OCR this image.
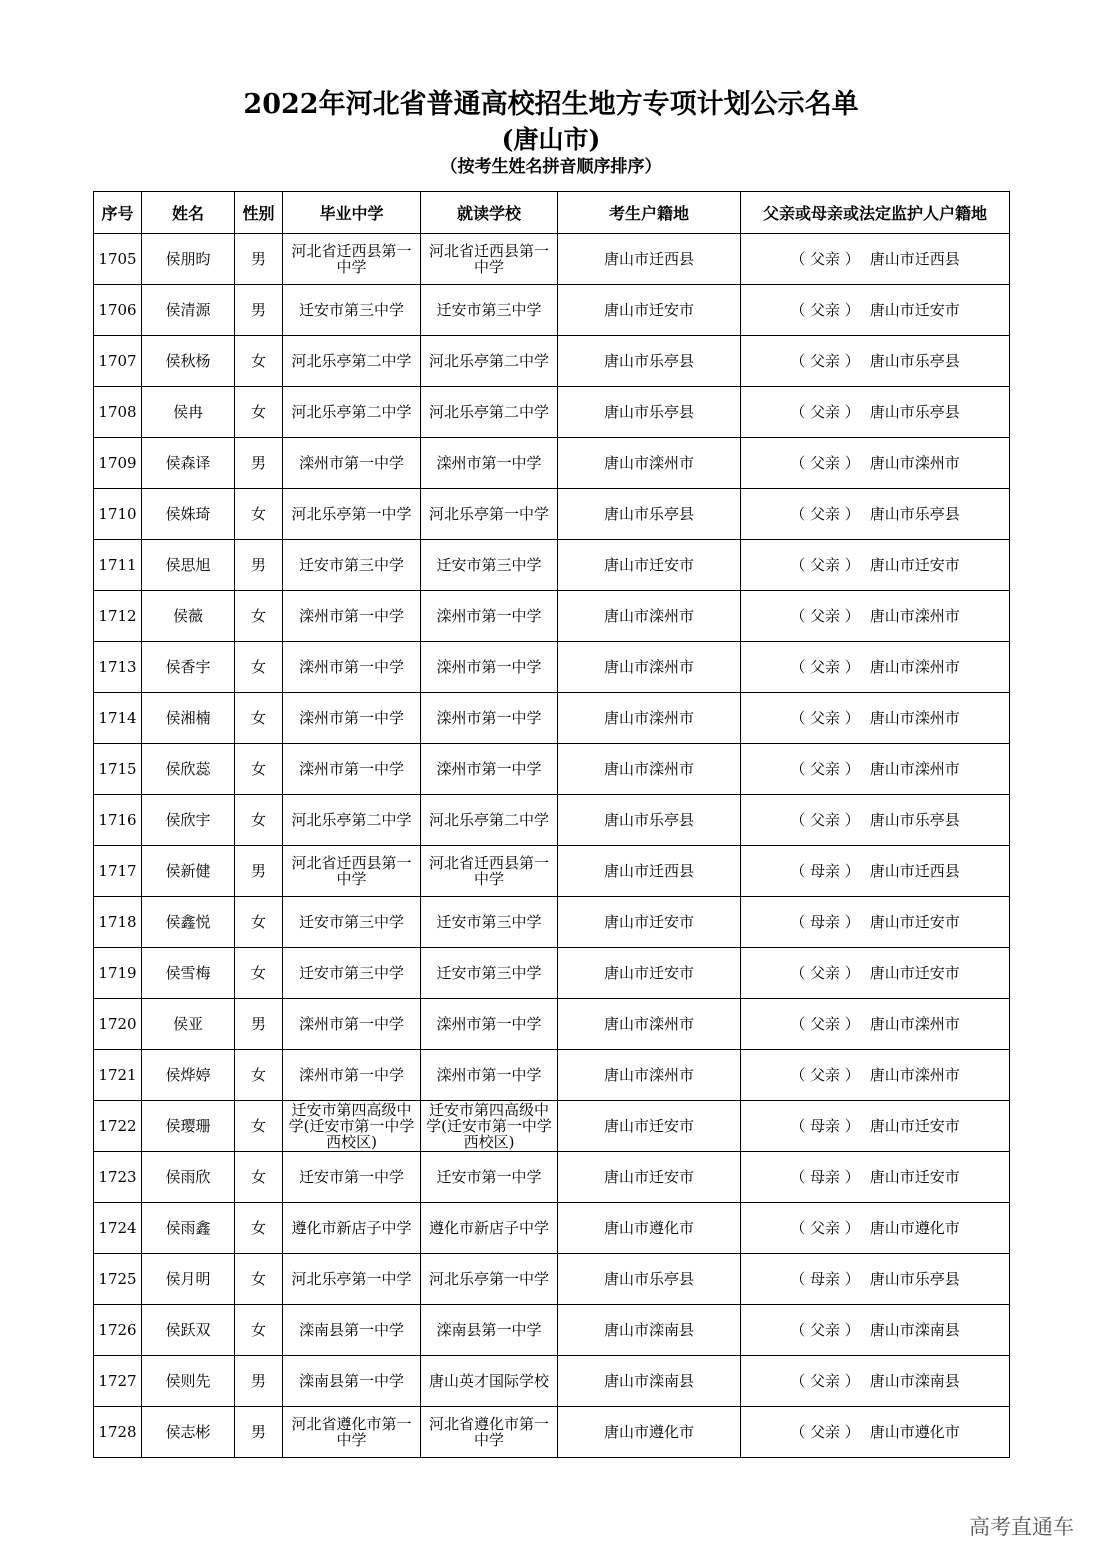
2022年河北省普通高校招生地方专项计划公示名单
(唐山市)
（按考生姓名拼音顺序排序）
序号	姓名	性别	毕业中学	就读学校	考生户籍地	父亲或母亲或法定监护人户籍地
1705	侯朋昀	男	河北省迁西县第一中学	河北省迁西县第一中学	唐山市迁西县	（ 父亲 ） 唐山市迁西县
1706	侯清源	男	迁安市第三中学	迁安市第三中学	唐山市迁安市	（ 父亲 ） 唐山市迁安市
1707	侯秋杨	女	河北乐亭第二中学	河北乐亭第二中学	唐山市乐亭县	（ 父亲 ） 唐山市乐亭县
1708	侯冉	女	河北乐亭第二中学	河北乐亭第二中学	唐山市乐亭县	（ 父亲 ） 唐山市乐亭县
1709	侯森译	男	滦州市第一中学	滦州市第一中学	唐山市滦州市	（ 父亲 ） 唐山市滦州市
1710	侯姝琦	女	河北乐亭第一中学	河北乐亭第一中学	唐山市乐亭县	（ 父亲 ） 唐山市乐亭县
1711	侯思旭	男	迁安市第三中学	迁安市第三中学	唐山市迁安市	（ 父亲 ） 唐山市迁安市
1712	侯薇	女	滦州市第一中学	滦州市第一中学	唐山市滦州市	（ 父亲 ） 唐山市滦州市
1713	侯香宇	女	滦州市第一中学	滦州市第一中学	唐山市滦州市	（ 父亲 ） 唐山市滦州市
1714	侯湘楠	女	滦州市第一中学	滦州市第一中学	唐山市滦州市	（ 父亲 ） 唐山市滦州市
1715	侯欣蕊	女	滦州市第一中学	滦州市第一中学	唐山市滦州市	（ 父亲 ） 唐山市滦州市
1716	侯欣宇	女	河北乐亭第二中学	河北乐亭第二中学	唐山市乐亭县	（ 父亲 ） 唐山市乐亭县
1717	侯新健	男	河北省迁西县第一中学	河北省迁西县第一中学	唐山市迁西县	（ 母亲 ） 唐山市迁西县
1718	侯鑫悦	女	迁安市第三中学	迁安市第三中学	唐山市迁安市	（ 母亲 ） 唐山市迁安市
1719	侯雪梅	女	迁安市第三中学	迁安市第三中学	唐山市迁安市	（ 父亲 ） 唐山市迁安市
1720	侯亚	男	滦州市第一中学	滦州市第一中学	唐山市滦州市	（ 父亲 ） 唐山市滦州市
1721	侯烨婷	女	滦州市第一中学	滦州市第一中学	唐山市滦州市	（ 父亲 ） 唐山市滦州市
1722	侯璎珊	女	迁安市第四高级中学(迁安市第一中学西校区)	迁安市第四高级中学(迁安市第一中学西校区)	唐山市迁安市	（ 母亲 ） 唐山市迁安市
1723	侯雨欣	女	迁安市第一中学	迁安市第一中学	唐山市迁安市	（ 母亲 ） 唐山市迁安市
1724	侯雨鑫	女	遵化市新店子中学	遵化市新店子中学	唐山市遵化市	（ 父亲 ） 唐山市遵化市
1725	侯月明	女	河北乐亭第一中学	河北乐亭第一中学	唐山市乐亭县	（ 母亲 ） 唐山市乐亭县
1726	侯跃双	女	滦南县第一中学	滦南县第一中学	唐山市滦南县	（ 父亲 ） 唐山市滦南县
1727	侯则先	男	滦南县第一中学	唐山英才国际学校	唐山市滦南县	（ 父亲 ） 唐山市滦南县
1728	侯志彬	男	河北省遵化市第一中学	河北省遵化市第一中学	唐山市遵化市	（ 父亲 ） 唐山市遵化市
高考直通车
